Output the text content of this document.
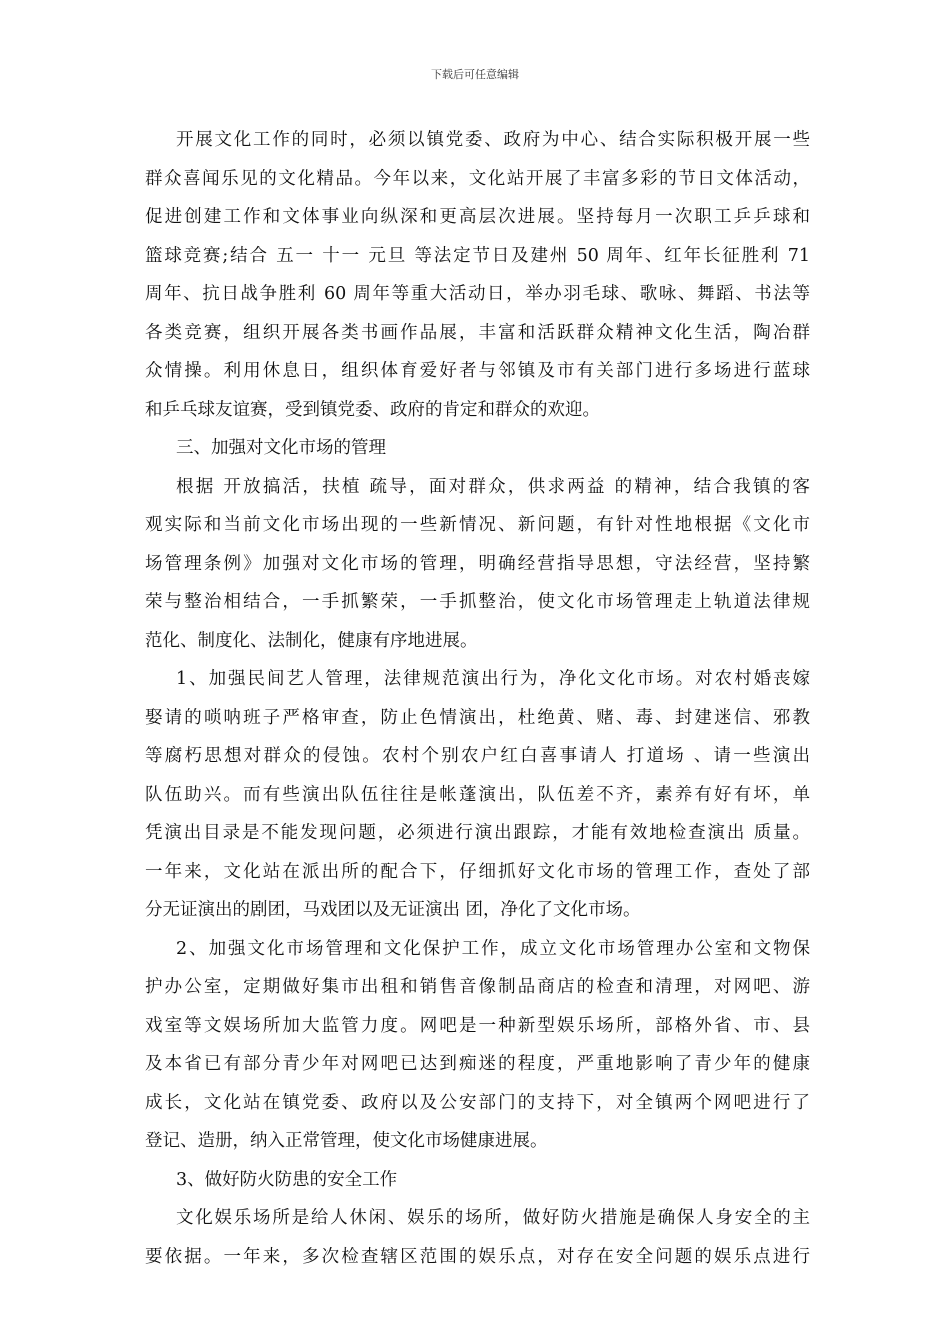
下载后可任意编辑
开展文化工作的同时，必须以镇党委、政府为中心、结合实际积极开展一些
群众喜闻乐见的文化精品。今年以来，文化站开展了丰富多彩的节日文体活动，
促进创建工作和文体事业向纵深和更高层次进展。坚持每月一次职工乒乒球和
篮球竞赛;结合 五一 十一 元旦 等法定节日及建州 50 周年、红年长征胜利 71
周年、抗日战争胜利 60 周年等重大活动日，举办羽毛球、歌咏、舞蹈、书法等
各类竞赛，组织开展各类书画作品展，丰富和活跃群众精神文化生活，陶冶群
众情操。利用休息日，组织体育爱好者与邻镇及市有关部门进行多场进行蓝球
和乒乓球友谊赛，受到镇党委、政府的肯定和群众的欢迎。
三、加强对文化市场的管理
根据 开放搞活，扶植 疏导，面对群众，供求两益 的精神，结合我镇的客
观实际和当前文化市场出现的一些新情况、新问题，有针对性地根据《文化市
场管理条例》加强对文化市场的管理，明确经营指导思想，守法经营，坚持繁
荣与整治相结合，一手抓繁荣，一手抓整治，使文化市场管理走上轨道法律规
范化、制度化、法制化，健康有序地进展。
1、加强民间艺人管理，法律规范演出行为，净化文化市场。对农村婚丧嫁
娶请的唢呐班子严格审查，防止色情演出，杜绝黄、赌、毒、封建迷信、邪教
等腐朽思想对群众的侵蚀。农村个别农户红白喜事请人 打道场 、请一些演出
队伍助兴。而有些演出队伍往往是帐蓬演出，队伍差不齐，素养有好有坏，单
凭演出目录是不能发现问题，必须进行演出跟踪，才能有效地检查演出 质量。
一年来，文化站在派出所的配合下，仔细抓好文化市场的管理工作，查处了部
分无证演出的剧团，马戏团以及无证演出 团，净化了文化市场。
2、加强文化市场管理和文化保护工作，成立文化市场管理办公室和文物保
护办公室，定期做好集市出租和销售音像制品商店的检查和清理，对网吧、游
戏室等文娱场所加大监管力度。网吧是一种新型娱乐场所，部格外省、市、县
及本省已有部分青少年对网吧已达到痴迷的程度，严重地影响了青少年的健康
成长，文化站在镇党委、政府以及公安部门的支持下，对全镇两个网吧进行了
登记、造册，纳入正常管理，使文化市场健康进展。
3、做好防火防患的安全工作
文化娱乐场所是给人休闲、娱乐的场所，做好防火措施是确保人身安全的主
要依据。一年来，多次检查辖区范围的娱乐点，对存在安全问题的娱乐点进行
